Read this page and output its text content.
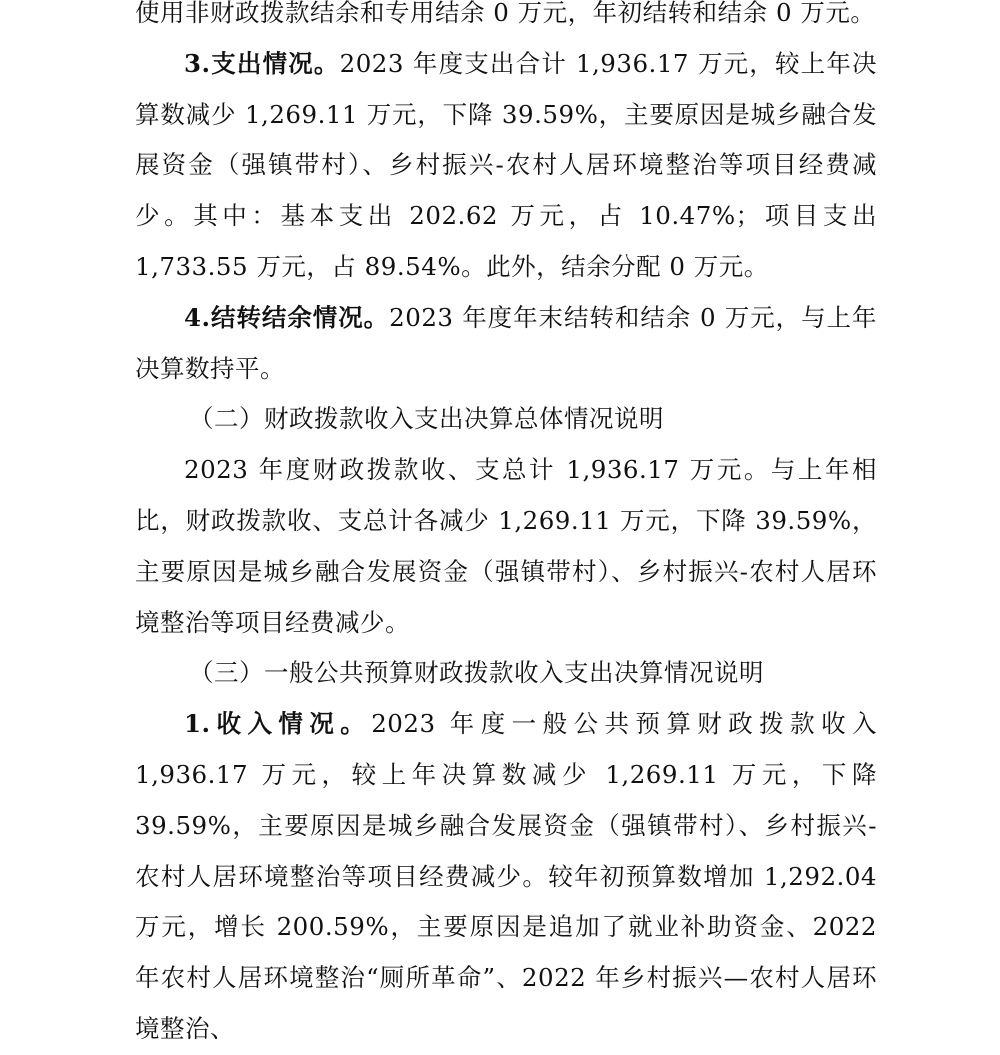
使用非财政拨款结余和专用结余 0 万元，年初结转和结余 0 万元。

3.支出情况。2023 年度支出合计 1,936.17 万元，较上年决算数减少 1,269.11 万元，下降 39.59%，主要原因是城乡融合发展资金（强镇带村）、乡村振兴-农村人居环境整治等项目经费减少。其中：基本支出 202.62 万元，占 10.47%；项目支出 1,733.55 万元，占 89.54%。此外，结余分配 0 万元。

4.结转结余情况。2023 年度年末结转和结余 0 万元，与上年决算数持平。

（二）财政拨款收入支出决算总体情况说明

2023 年度财政拨款收、支总计 1,936.17 万元。与上年相比，财政拨款收、支总计各减少 1,269.11 万元，下降 39.59%，主要原因是城乡融合发展资金（强镇带村）、乡村振兴-农村人居环境整治等项目经费减少。

（三）一般公共预算财政拨款收入支出决算情况说明

1.收入情况。2023 年度一般公共预算财政拨款收入 1,936.17 万元，较上年决算数减少 1,269.11 万元，下降 39.59%，主要原因是城乡融合发展资金（强镇带村）、乡村振兴-农村人居环境整治等项目经费减少。较年初预算数增加 1,292.04 万元，增长 200.59%，主要原因是追加了就业补助资金、2022 年农村人居环境整治“厕所革命”、2022 年乡村振兴—农村人居环境整治、
